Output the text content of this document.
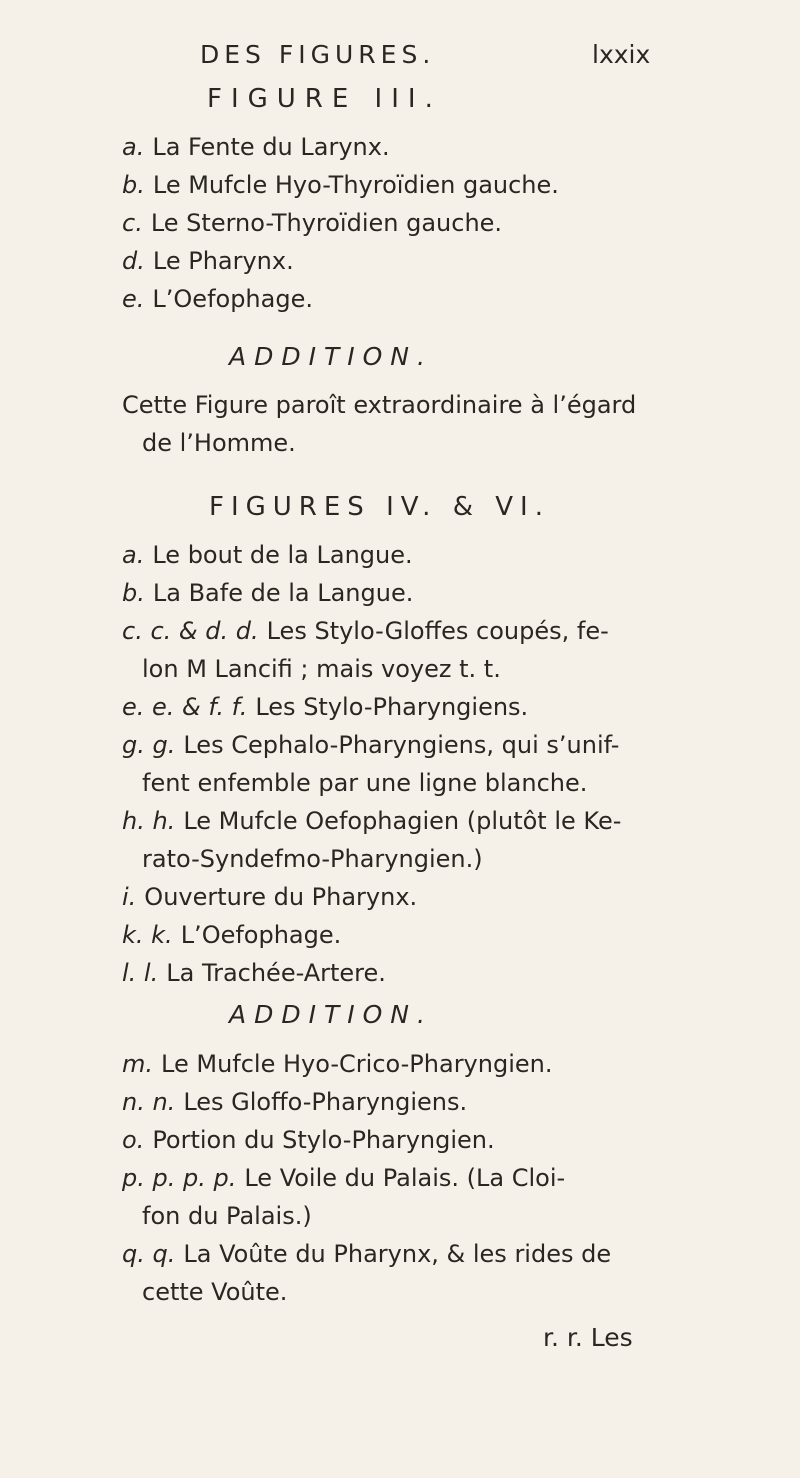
DES FIGURES.	lxxix
FIGURE III.
a. La Fente du Larynx.
b. Le Mufcle Hyo-Thyroïdien gauche.
c. Le Sterno-Thyroïdien gauche.
d. Le Pharynx.
e. L’Oefophage.
ADDITION.
Cette Figure paroît extraordinaire à l’égard
de l’Homme.
FIGURES IV. & VI.
a. Le bout de la Langue.
b. La Bafe de la Langue.
c. c. & d. d. Les Stylo-Gloffes coupés, fe-
lon M Lancifi ; mais voyez t. t.
e. e. & f. f. Les Stylo-Pharyngiens.
g. g. Les Cephalo-Pharyngiens, qui s’unif-
fent enfemble par une ligne blanche.
h. h. Le Mufcle Oefophagien (plutôt le Ke-
rato-Syndefmo-Pharyngien.)
i. Ouverture du Pharynx.
k. k. L’Oefophage.
l. l. La Trachée-Artere.
ADDITION.
m. Le Mufcle Hyo-Crico-Pharyngien.
n. n. Les Gloffo-Pharyngiens.
o. Portion du Stylo-Pharyngien.
p. p. p. p. Le Voile du Palais. (La Cloi-
fon du Palais.)
q. q. La Voûte du Pharynx, & les rides de
cette Voûte.
r. r. Les
